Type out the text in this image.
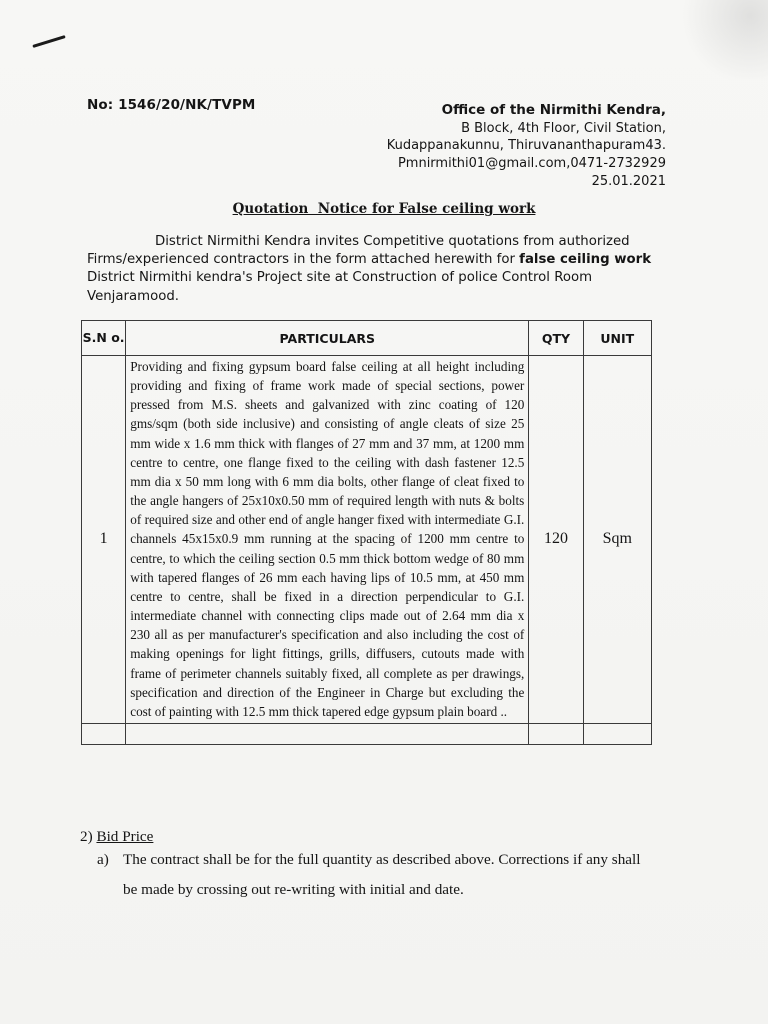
No: 1546/20/NK/TVPM	Office of the Nirmithi Kendra,
B Block, 4th Floor, Civil Station,
Kudappanakunnu, Thiruvananthapuram43.
Pmnirmithi01@gmail.com,0471-2732929
25.01.2021
Quotation  Notice for False ceiling work
District Nirmithi Kendra invites Competitive quotations from authorized Firms/experienced contractors in the form attached herewith for false ceiling work District Nirmithi kendra's Project site at Construction of police Control Room Venjaramood.
S.N o.	PARTICULARS	QTY	UNIT
1	Providing and fixing gypsum board false ceiling at all height including providing and fixing of frame work made of special sections, power pressed from M.S. sheets and galvanized with zinc coating of 120 gms/sqm (both side inclusive) and consisting of angle cleats of size 25 mm wide x 1.6 mm thick with flanges of 27 mm and 37 mm, at 1200 mm centre to centre, one flange fixed to the ceiling with dash fastener 12.5 mm dia x 50 mm long with 6 mm dia bolts, other flange of cleat fixed to the angle hangers of 25x10x0.50 mm of required length with nuts & bolts of required size and other end of angle hanger fixed with intermediate G.I. channels 45x15x0.9 mm running at the spacing of 1200 mm centre to centre, to which the ceiling section 0.5 mm thick bottom wedge of 80 mm with tapered flanges of 26 mm each having lips of 10.5 mm, at 450 mm centre to centre, shall be fixed in a direction perpendicular to G.I. intermediate channel with connecting clips made out of 2.64 mm dia x 230 all as per manufacturer's specification and also including the cost of making openings for light fittings, grills, diffusers, cutouts made with frame of perimeter channels suitably fixed, all complete as per drawings, specification and direction of the Engineer in Charge but excluding the cost of painting with 12.5 mm thick tapered edge gypsum plain board ..	120	Sqm

2) Bid Price
a) The contract shall be for the full quantity as described above. Corrections if any shall
be made by crossing out re-writing with initial and date.
